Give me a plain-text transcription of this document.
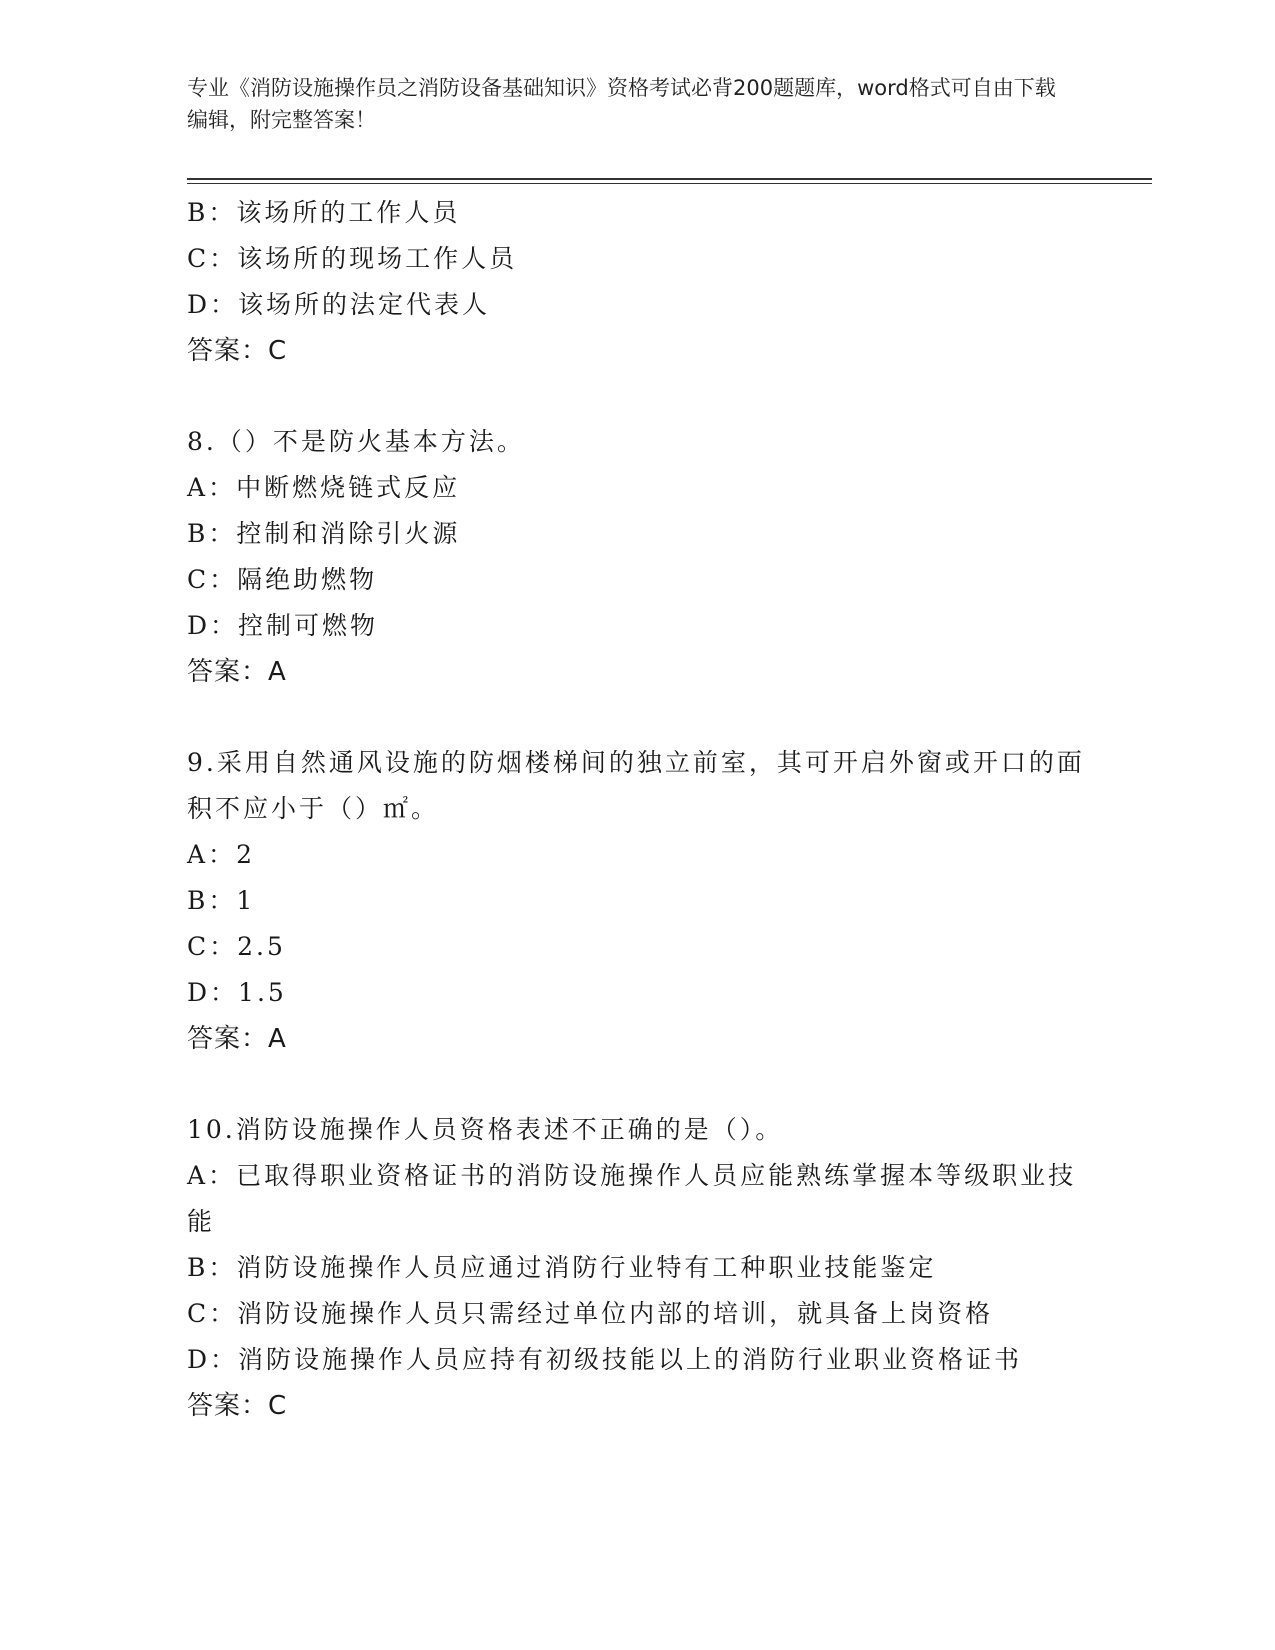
专业《消防设施操作员之消防设备基础知识》资格考试必背200题题库，word格式可自由下载编辑，附完整答案！

B：该场所的工作人员

C：该场所的现场工作人员

D：该场所的法定代表人

答案：C

8.（）不是防火基本方法。

A：中断燃烧链式反应

B：控制和消除引火源

C：隔绝助燃物

D：控制可燃物

答案：A

9.采用自然通风设施的防烟楼梯间的独立前室，其可开启外窗或开口的面积不应小于（）㎡。

A：2

B：1

C：2.5

D：1.5

答案：A

10.消防设施操作人员资格表述不正确的是（）。

A：已取得职业资格证书的消防设施操作人员应能熟练掌握本等级职业技能

B：消防设施操作人员应通过消防行业特有工种职业技能鉴定

C：消防设施操作人员只需经过单位内部的培训，就具备上岗资格

D：消防设施操作人员应持有初级技能以上的消防行业职业资格证书

答案：C
